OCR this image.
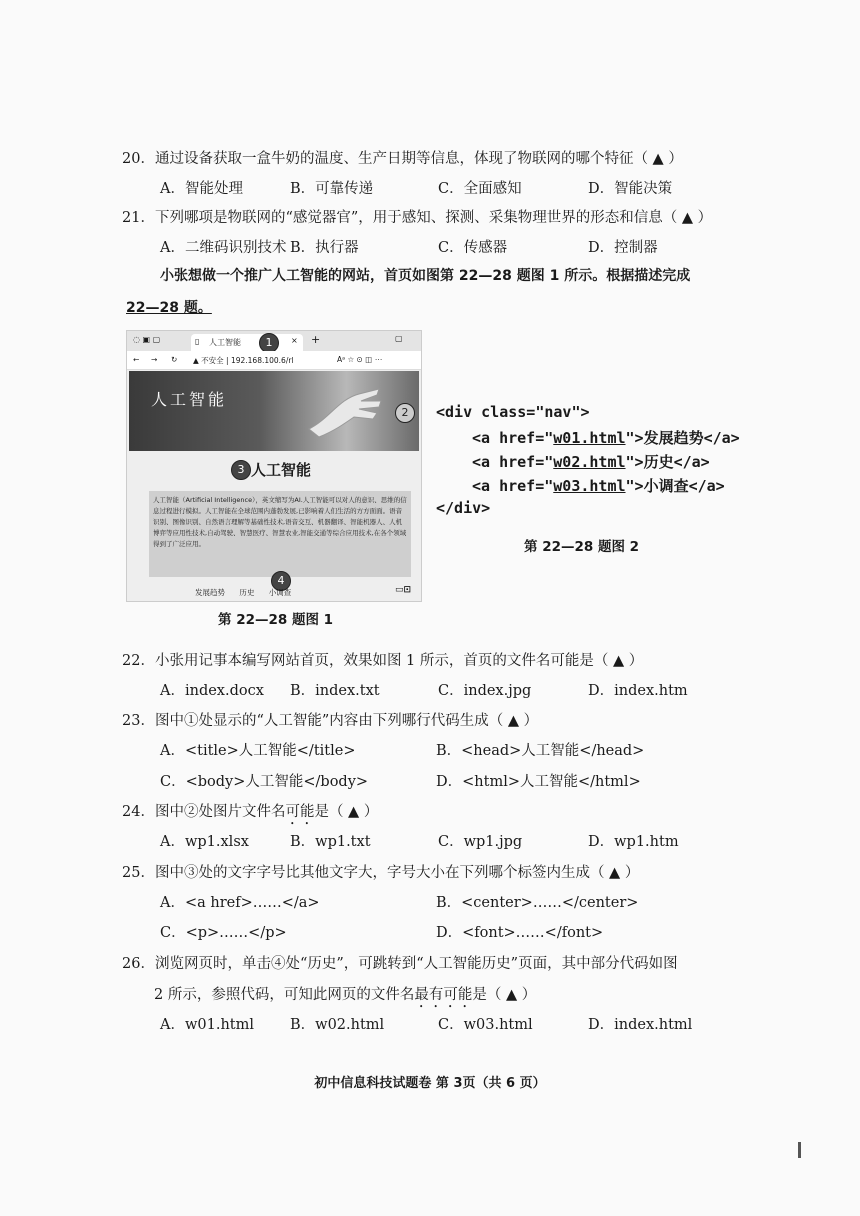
20．通过设备获取一盒牛奶的温度、生产日期等信息，体现了物联网的哪个特征（ ▲ ）
A．智能处理	B．可靠传递	C．全面感知	D．智能决策
21．下列哪项是物联网的“感觉器官”，用于感知、探测、采集物理世界的形态和信息（ ▲ ）
A．二维码识别技术 B．执行器	C．传感器	D．控制器
小张想做一个推广人工智能的网站，首页如图第 22—28 题图 1 所示。根据描述完成
22—28 题。
◌ ▣ ▢	人工智能
▯	× +	▢
1
← → ↻ ▲ 不安全 | 192.168.100.6/rl	Aᵃ ☆ ⊙ ◫ ⋯
人工智能
2
3 人工智能
人工智能（Artificial Intelligence），英文缩写为AI.人工智能可以对人的意识、思维的信息过程进行模拟。人工智能在全球范围内蓬勃发展,已影响着人们生活的方方面面。语音识别、图像识别、自然语言理解等基础性技术,语音交互、机器翻译、智能机器人、人机博弈等应用性技术,自动驾驶、智慧医疗、智慧农业,智能交通等综合应用技术,在各个领域得到了广泛应用。
4
发展趋势 历史 小调查	▭⊡
第 22—28 题图 1
<div class="nav">
<a href="w01.html">发展趋势</a>
<a href="w02.html">历史</a>
<a href="w03.html">小调查</a>
</div>
第 22—28 题图 2
22．小张用记事本编写网站首页，效果如图 1 所示，首页的文件名可能是（ ▲ ）
A．index.docx B．index.txt	C．index.jpg	D．index.htm
23．图中①处显示的“人工智能”内容由下列哪行代码生成（ ▲ ）
A．<title>人工智能</title>	B．<head>人工智能</head>
C．<body>人工智能</body>	D．<html>人工智能</html>
24．图中②处图片文件名可能是（ ▲ ）
A．wp1.xlsx	B．wp1.txt	C．wp1.jpg	D．wp1.htm
25．图中③处的文字字号比其他文字大，字号大小在下列哪个标签内生成（ ▲ ）
A．<a href>……</a>	B．<center>……</center>
C．<p>……</p>	D．<font>……</font>
26．浏览网页时，单击④处“历史”，可跳转到“人工智能历史”页面，其中部分代码如图
2 所示，参照代码，可知此网页的文件名最有可能是（ ▲ ）
A．w01.html B．w02.html	C．w03.html	D．index.html
初中信息科技试题卷 第 3页（共 6 页）
